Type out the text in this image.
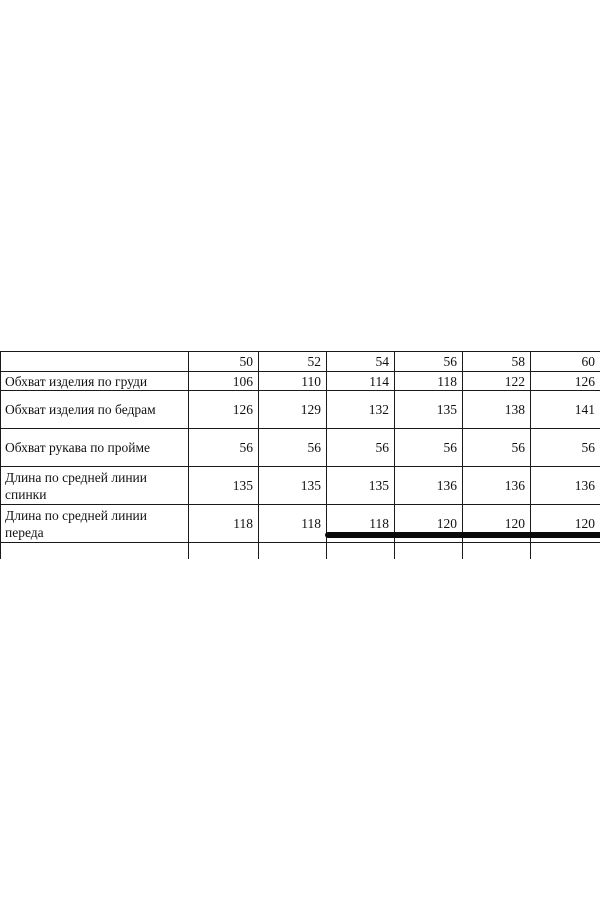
	50	52	54	56	58	60
Обхват изделия по груди	106	110	114	118	122	126
Обхват изделия по бедрам	126	129	132	135	138	141
Обхват рукава по пройме	56	56	56	56	56	56

Длина по средней линии
спинки	135	135	135	136	136	136

Длина по средней линии
переда	118	118	118	120	120	120
